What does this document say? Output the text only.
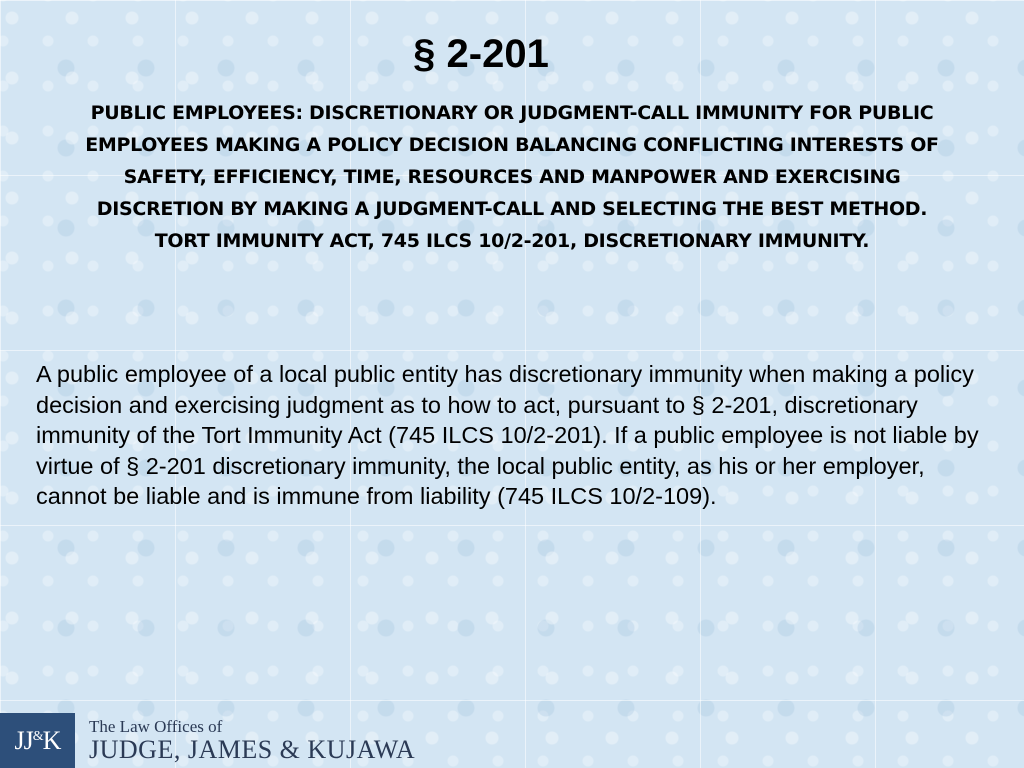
§ 2-201

PUBLIC EMPLOYEES: DISCRETIONARY OR JUDGMENT-CALL IMMUNITY FOR PUBLIC EMPLOYEES MAKING A POLICY DECISION BALANCING CONFLICTING INTERESTS OF SAFETY, EFFICIENCY, TIME, RESOURCES AND MANPOWER AND EXERCISING DISCRETION BY MAKING A JUDGMENT-CALL AND SELECTING THE BEST METHOD. TORT IMMUNITY ACT, 745 ILCS 10/2-201, DISCRETIONARY IMMUNITY.

A public employee of a local public entity has discretionary immunity when making a policy decision and exercising judgment as to how to act, pursuant to § 2-201, discretionary immunity of the Tort Immunity Act (745 ILCS 10/2-201). If a public employee is not liable by virtue of § 2-201 discretionary immunity, the local public entity, as his or her employer, cannot be liable and is immune from liability (745 ILCS 10/2-109).

JJ & K The Law Offices of
JUDGE, JAMES & KUJAWA
